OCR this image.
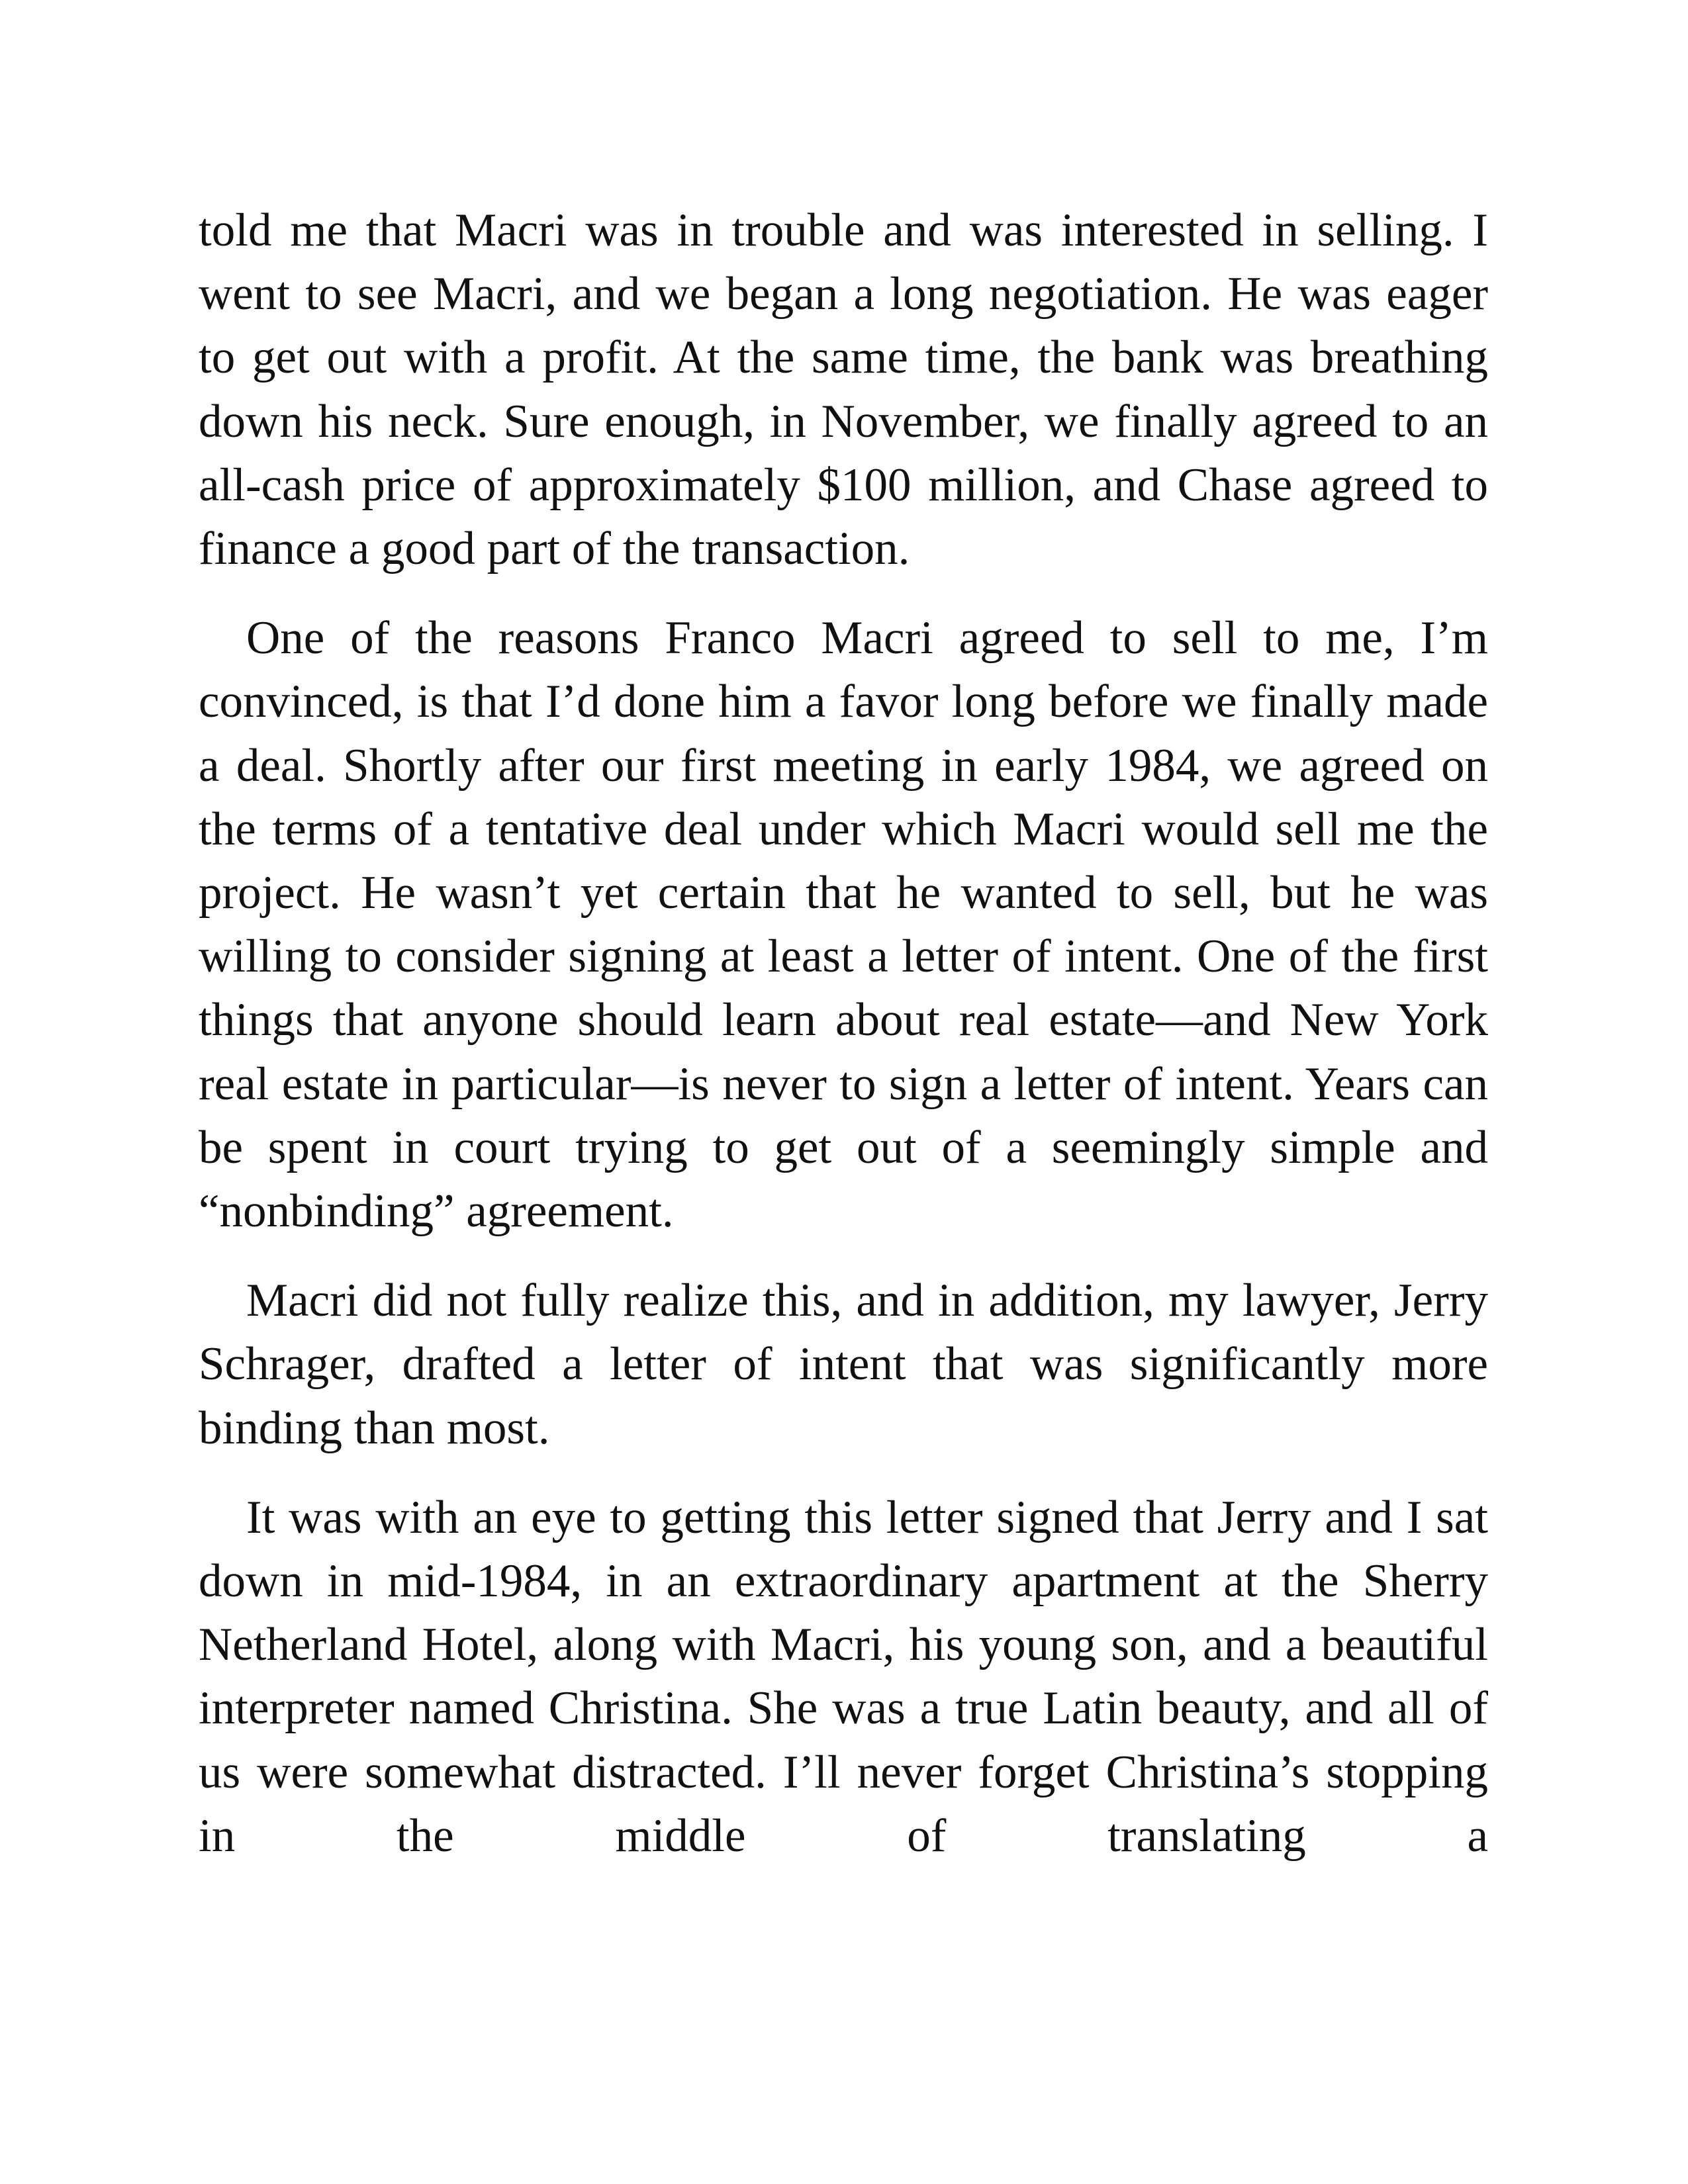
told me that Macri was in trouble and was interested in selling. I went to see Macri, and we began a long negotiation. He was eager to get out with a profit. At the same time, the bank was breathing down his neck. Sure enough, in November, we finally agreed to an all-cash price of approximately $100 million, and Chase agreed to finance a good part of the transaction.

One of the reasons Franco Macri agreed to sell to me, I’m convinced, is that I’d done him a favor long before we finally made a deal. Shortly after our first meeting in early 1984, we agreed on the terms of a tentative deal under which Macri would sell me the project. He wasn’t yet certain that he wanted to sell, but he was willing to consider signing at least a letter of intent. One of the first things that anyone should learn about real estate—and New York real estate in particular—is never to sign a letter of intent. Years can be spent in court trying to get out of a seemingly simple and “nonbinding” agreement.

Macri did not fully realize this, and in addition, my lawyer, Jerry Schrager, drafted a letter of intent that was significantly more binding than most.

It was with an eye to getting this letter signed that Jerry and I sat down in mid-1984, in an extraordinary apartment at the Sherry Netherland Hotel, along with Macri, his young son, and a beautiful interpreter named Christina. She was a true Latin beauty, and all of us were somewhat distracted. I’ll never forget Christina’s stopping in the middle of translating a
